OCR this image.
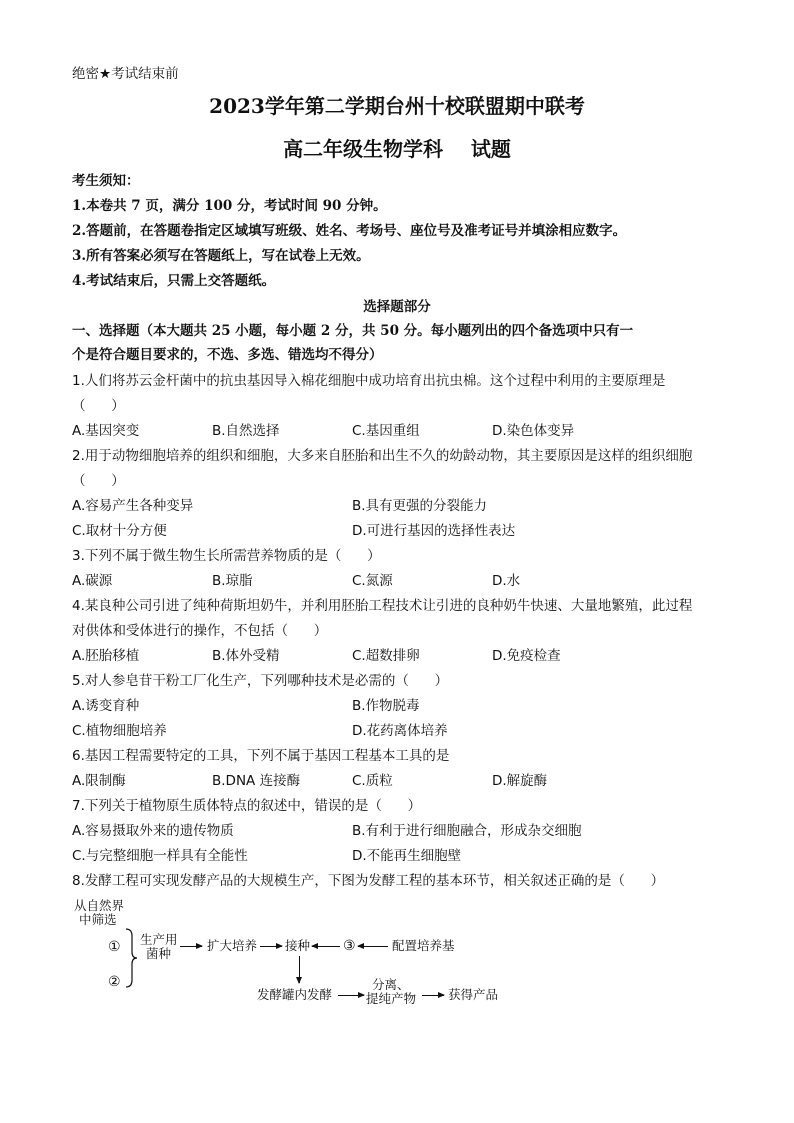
绝密★考试结束前
2023学年第二学期台州十校联盟期中联考
高二年级生物学科    试题
考生须知：
1.本卷共 7 页，满分 100 分，考试时间 90 分钟。
2.答题前，在答题卷指定区域填写班级、姓名、考场号、座位号及准考证号并填涂相应数字。
3.所有答案必须写在答题纸上，写在试卷上无效。
4.考试结束后，只需上交答题纸。
选择题部分
一、选择题（本大题共 25 小题，每小题 2 分，共 50 分。每小题列出的四个备选项中只有一
个是符合题目要求的，不选、多选、错选均不得分）
1.人们将苏云金杆菌中的抗虫基因导入棉花细胞中成功培育出抗虫棉。这个过程中利用的主要原理是
（      ）
A.基因突变	B.自然选择	C.基因重组	D.染色体变异
2.用于动物细胞培养的组织和细胞，大多来自胚胎和出生不久的幼龄动物，其主要原因是这样的组织细胞
（      ）
A.容易产生各种变异	B.具有更强的分裂能力
C.取材十分方便	D.可进行基因的选择性表达
3.下列不属于微生物生长所需营养物质的是（      ）
A.碳源	B.琼脂	C.氮源	D.水
4.某良种公司引进了纯种荷斯坦奶牛，并利用胚胎工程技术让引进的良种奶牛快速、大量地繁殖，此过程
对供体和受体进行的操作，不包括（      ）
A.胚胎移植	B.体外受精	C.超数排卵	D.免疫检查
5.对人参皂苷干粉工厂化生产，下列哪种技术是必需的（      ）
A.诱变育种	B.作物脱毒
C.植物细胞培养	D.花药离体培养
6.基因工程需要特定的工具，下列不属于基因工程基本工具的是
A.限制酶	B.DNA 连接酶	C.质粒	D.解旋酶
7.下列关于植物原生质体特点的叙述中，错误的是（      ）
A.容易摄取外来的遗传物质	B.有利于进行细胞融合，形成杂交细胞
C.与完整细胞一样具有全能性	D.不能再生细胞壁
8.发酵工程可实现发酵产品的大规模生产，下图为发酵工程的基本环节，相关叙述正确的是（      ）
从自然界
中筛选
①
②
生产用
菌种
扩大培养 接种 ③	配置培养基
发酵罐内发酵
分离、
提纯产物	获得产品
